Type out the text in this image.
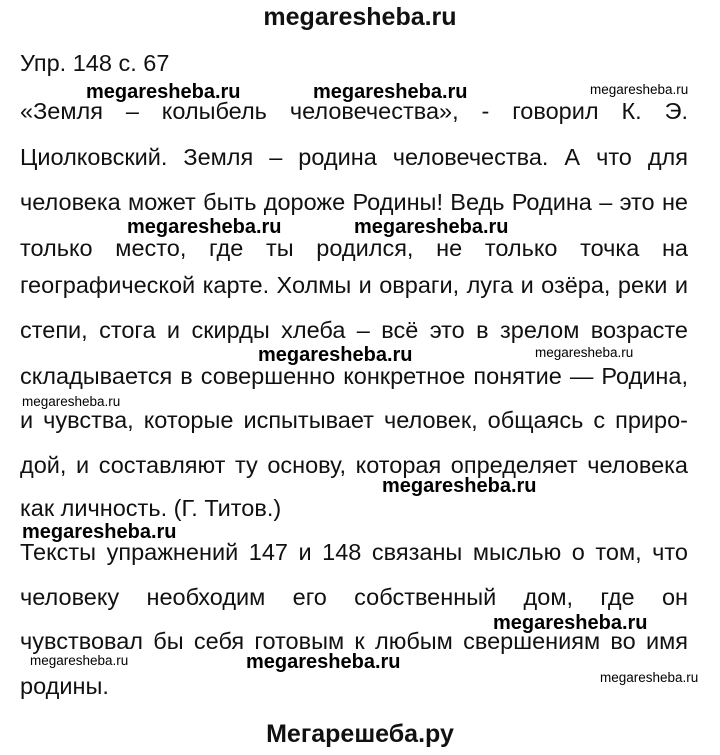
megaresheba.ru
Упр. 148 с. 67
megaresheba.ru	megaresheba.ru	megaresheba.ru
megaresheba.ru	megaresheba.ru
megaresheba.ru	megaresheba.ru
megaresheba.ru
megaresheba.ru
megaresheba.ru
megaresheba.ru
megaresheba.ru	megaresheba.ru
«Земля – колыбель человечества», - говорил К. Э.
Циолковский. Земля – родина человечества. А что для
человека может быть дороже Родины! Ведь Родина – это не
только место, где ты родился, не только точка на
географической карте. Холмы и овраги, луга и озёра, реки и
степи, стога и скирды хлеба – всё это в зрелом возрасте
складывается в совершенно конкретное понятие — Родина,
и чувства, которые испытывает человек, общаясь с приро-
дой, и составляют ту основу, которая определяет человека
как личность. (Г. Титов.)
Тексты упражнений 147 и 148 связаны мыслью о том, что
человеку необходим его собственный дом, где он
чувствовал бы себя готовым к любым свершениям во имя
родины.	megaresheba.ru
Мегарешеба.ру
